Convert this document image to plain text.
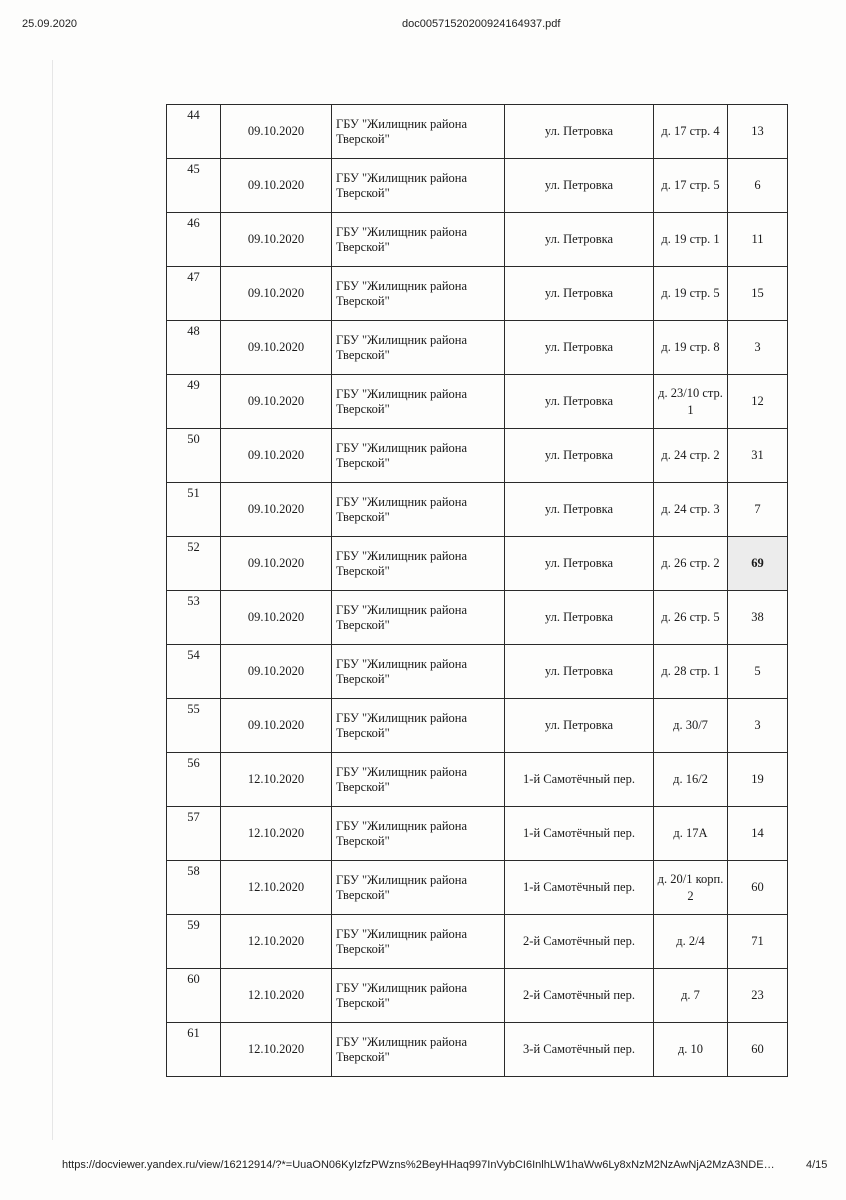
25.09.2020	doc00571520200924164937.pdf
44	09.10.2020	ГБУ "Жилищник района Тверской"	ул. Петровка	д. 17 стр. 4	13
45	09.10.2020	ГБУ "Жилищник района Тверской"	ул. Петровка	д. 17 стр. 5	6
46	09.10.2020	ГБУ "Жилищник района Тверской"	ул. Петровка	д. 19 стр. 1	11
47	09.10.2020	ГБУ "Жилищник района Тверской"	ул. Петровка	д. 19 стр. 5	15
48	09.10.2020	ГБУ "Жилищник района Тверской"	ул. Петровка	д. 19 стр. 8	3
49	09.10.2020	ГБУ "Жилищник района Тверской"	ул. Петровка	д. 23/10 стр. 1	12
50	09.10.2020	ГБУ "Жилищник района Тверской"	ул. Петровка	д. 24 стр. 2	31
51	09.10.2020	ГБУ "Жилищник района Тверской"	ул. Петровка	д. 24 стр. 3	7
52	09.10.2020	ГБУ "Жилищник района Тверской"	ул. Петровка	д. 26 стр. 2	69
53	09.10.2020	ГБУ "Жилищник района Тверской"	ул. Петровка	д. 26 стр. 5	38
54	09.10.2020	ГБУ "Жилищник района Тверской"	ул. Петровка	д. 28 стр. 1	5
55	09.10.2020	ГБУ "Жилищник района Тверской"	ул. Петровка	д. 30/7	3
56	12.10.2020	ГБУ "Жилищник района Тверской"	1-й Самотёчный пер.	д. 16/2	19
57	12.10.2020	ГБУ "Жилищник района Тверской"	1-й Самотёчный пер.	д. 17А	14
58	12.10.2020	ГБУ "Жилищник района Тверской"	1-й Самотёчный пер.	д. 20/1 корп. 2	60
59	12.10.2020	ГБУ "Жилищник района Тверской"	2-й Самотёчный пер.	д. 2/4	71
60	12.10.2020	ГБУ "Жилищник района Тверской"	2-й Самотёчный пер.	д. 7	23
61	12.10.2020	ГБУ "Жилищник района Тверской"	3-й Самотёчный пер.	д. 10	60
https://docviewer.yandex.ru/view/16212914/?*=UuaON06KyIzfzPWzns%2BeyHHaq997InVybCI6InlhLW1haWw6Ly8xNzM2NzAwNjA2MzA3NDE…	4/15
